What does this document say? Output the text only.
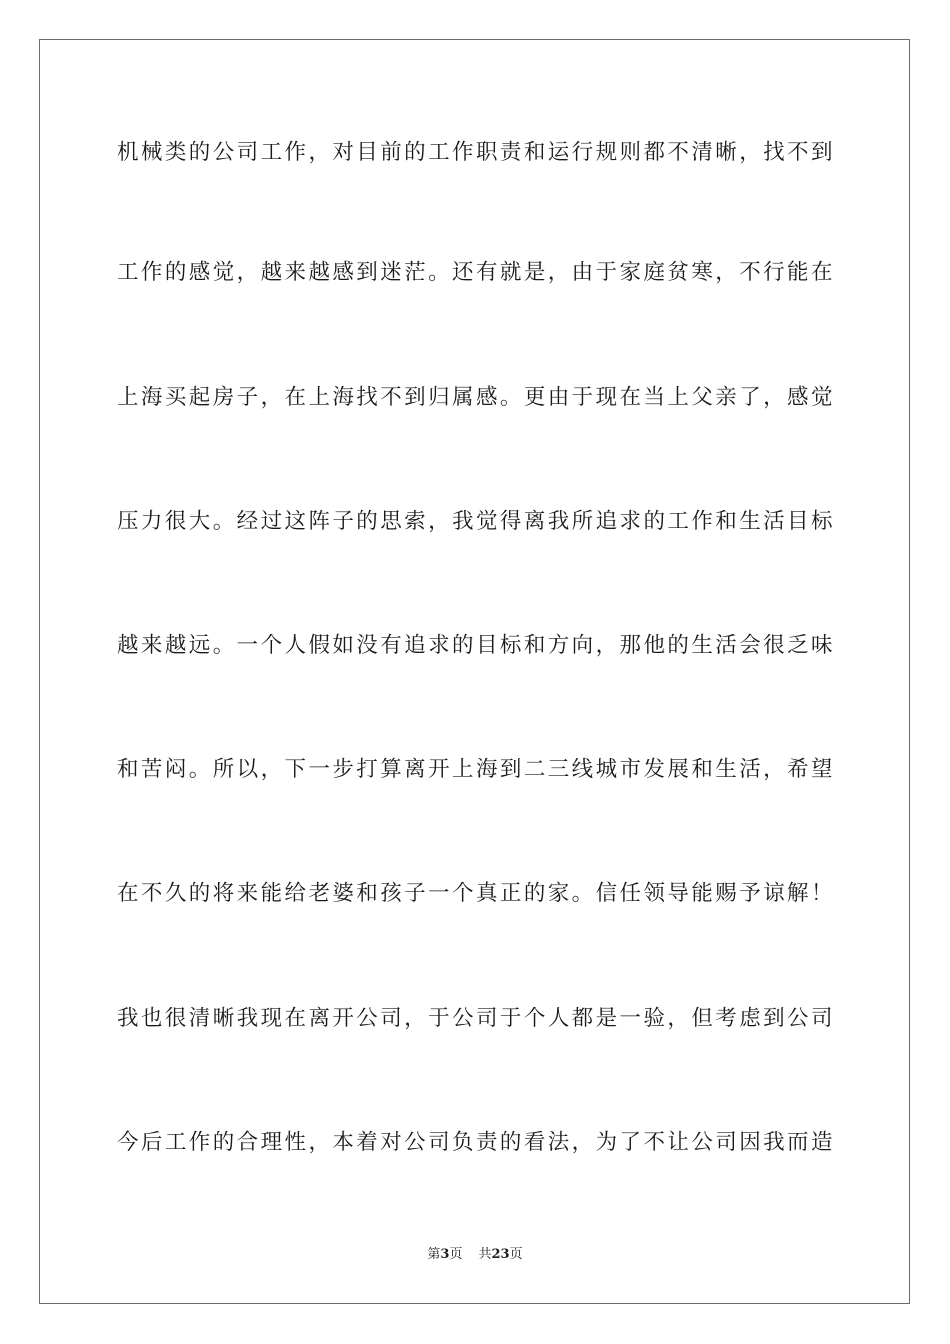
机械类的公司工作，对目前的工作职责和运行规则都不清晰，找不到
工作的感觉，越来越感到迷茫。还有就是，由于家庭贫寒，不行能在
上海买起房子，在上海找不到归属感。更由于现在当上父亲了，感觉
压力很大。经过这阵子的思索，我觉得离我所追求的工作和生活目标
越来越远。一个人假如没有追求的目标和方向，那他的生活会很乏味
和苦闷。所以，下一步打算离开上海到二三线城市发展和生活，希望
在不久的将来能给老婆和孩子一个真正的家。信任领导能赐予谅解！
我也很清晰我现在离开公司，于公司于个人都是一验，但考虑到公司
今后工作的合理性，本着对公司负责的看法，为了不让公司因我而造
第3页 共23页
